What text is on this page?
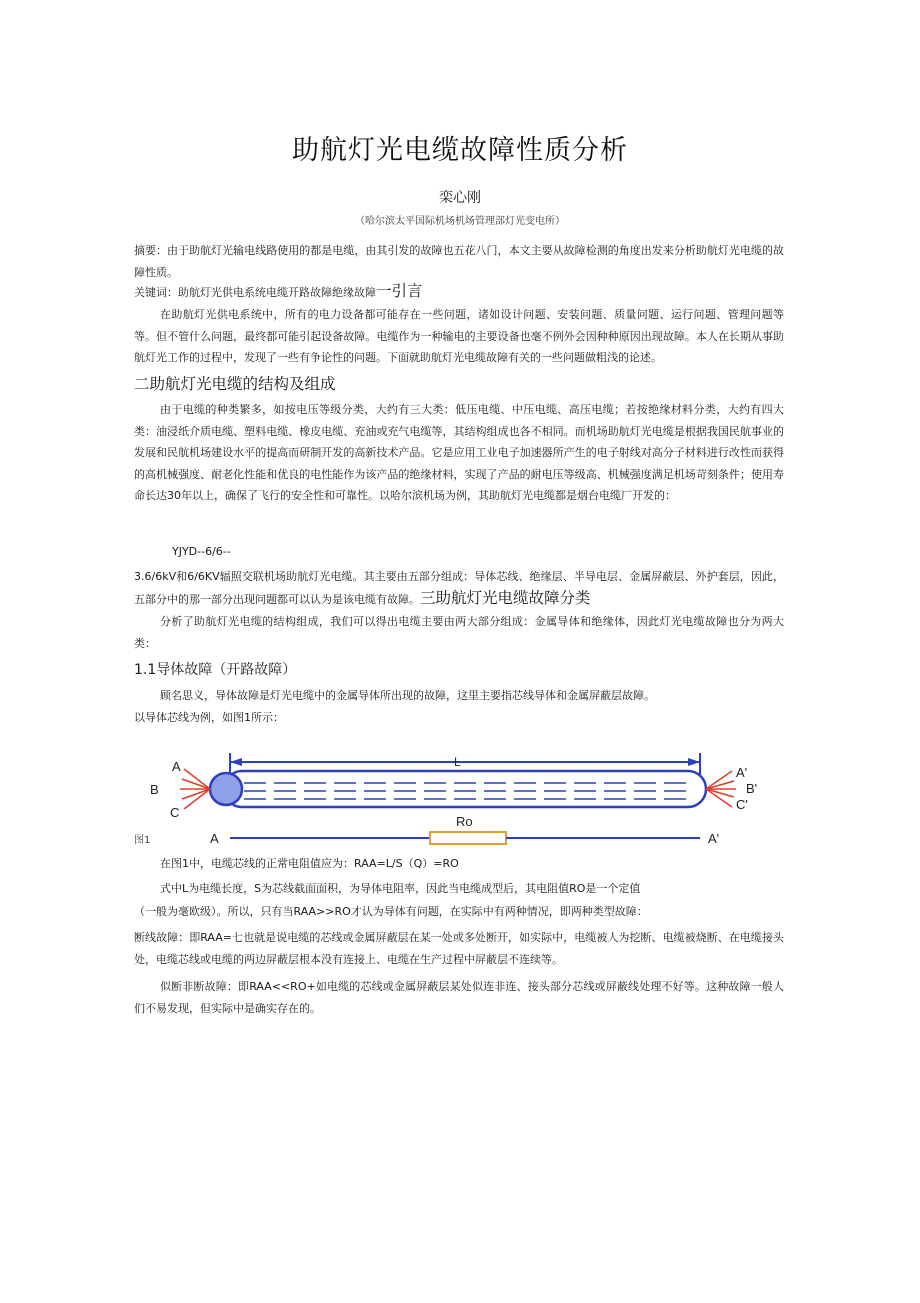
助航灯光电缆故障性质分析
栾心刚
（哈尔滨太平国际机场机场管理部灯光变电所）

摘要：由于助航灯光输电线路使用的都是电缆，由其引发的故障也五花八门，本文主要从故障检测的角度出发来分析助航灯光电缆的故障性质。

关键词：助航灯光供电系统电缆开路故障绝缘故障一引言

在助航灯光供电系统中，所有的电力设备都可能存在一些问题，诸如设计问题、安装问题、质量问题、运行问题、管理问题等等。但不管什么问题，最终都可能引起设备故障。电缆作为一种输电的主要设备也毫不例外会因种种原因出现故障。本人在长期从事助航灯光工作的过程中，发现了一些有争论性的问题。下面就助航灯光电缆故障有关的一些问题做粗浅的论述。

二助航灯光电缆的结构及组成

由于电缆的种类繁多，如按电压等级分类，大约有三大类：低压电缆、中压电缆、高压电缆；若按绝缘材料分类，大约有四大类：油浸纸介质电缆、塑料电缆、橡皮电缆、充油或充气电缆等，其结构组成也各不相同。而机场助航灯光电缆是根据我国民航事业的发展和民航机场建设水平的提高而研制开发的高新技术产品。它是应用工业电子加速器所产生的电子射线对高分子材料进行改性而获得的高机械强度、耐老化性能和优良的电性能作为该产品的绝缘材料，实现了产品的耐电压等级高、机械强度满足机场苛刻条件；使用寿命长达30年以上，确保了飞行的安全性和可靠性。以哈尔滨机场为例，其助航灯光电缆都是烟台电缆厂开发的：

YJYD--6/6--

3.6/6kV和6/6KV辐照交联机场助航灯光电缆。其主要由五部分组成：导体芯线、绝缘层、半导电层、金属屏蔽层、外护套层，因此，五部分中的那一部分出现问题都可以认为是该电缆有故障。三助航灯光电缆故障分类

分析了助航灯光电缆的结构组成，我们可以得出电缆主要由两大部分组成：金属导体和绝缘体，因此灯光电缆故障也分为两大类：

1.1导体故障（开路故障）

顾名思义，导体故障是灯光电缆中的金属导体所出现的故障，这里主要指芯线导体和金属屏蔽层故障。

以导体芯线为例，如图1所示：

L
A
B
C
A'
B'
C'
Ro
A	A'
图1

在图1中，电缆芯线的正常电阻值应为：RAA=L/S（Q）=RO

式中L为电缆长度，S为芯线截面面积，为导体电阻率，因此当电缆成型后，其电阻值RO是一个定值

（一般为毫欧级）。所以，只有当RAA>>RO才认为导体有问题，在实际中有两种情况，即两种类型故障：

断线故障：即RAA=七也就是说电缆的芯线或金属屏蔽层在某一处或多处断开，如实际中，电缆被人为挖断、电缆被烧断、在电缆接头处，电缆芯线或电缆的两边屏蔽层根本没有连接上、电缆在生产过程中屏蔽层不连续等。

似断非断故障：即RAA<<RO+如电缆的芯线或金属屏蔽层某处似连非连、接头部分芯线或屏蔽线处理不好等。这种故障一般人们不易发现，但实际中是确实存在的。
